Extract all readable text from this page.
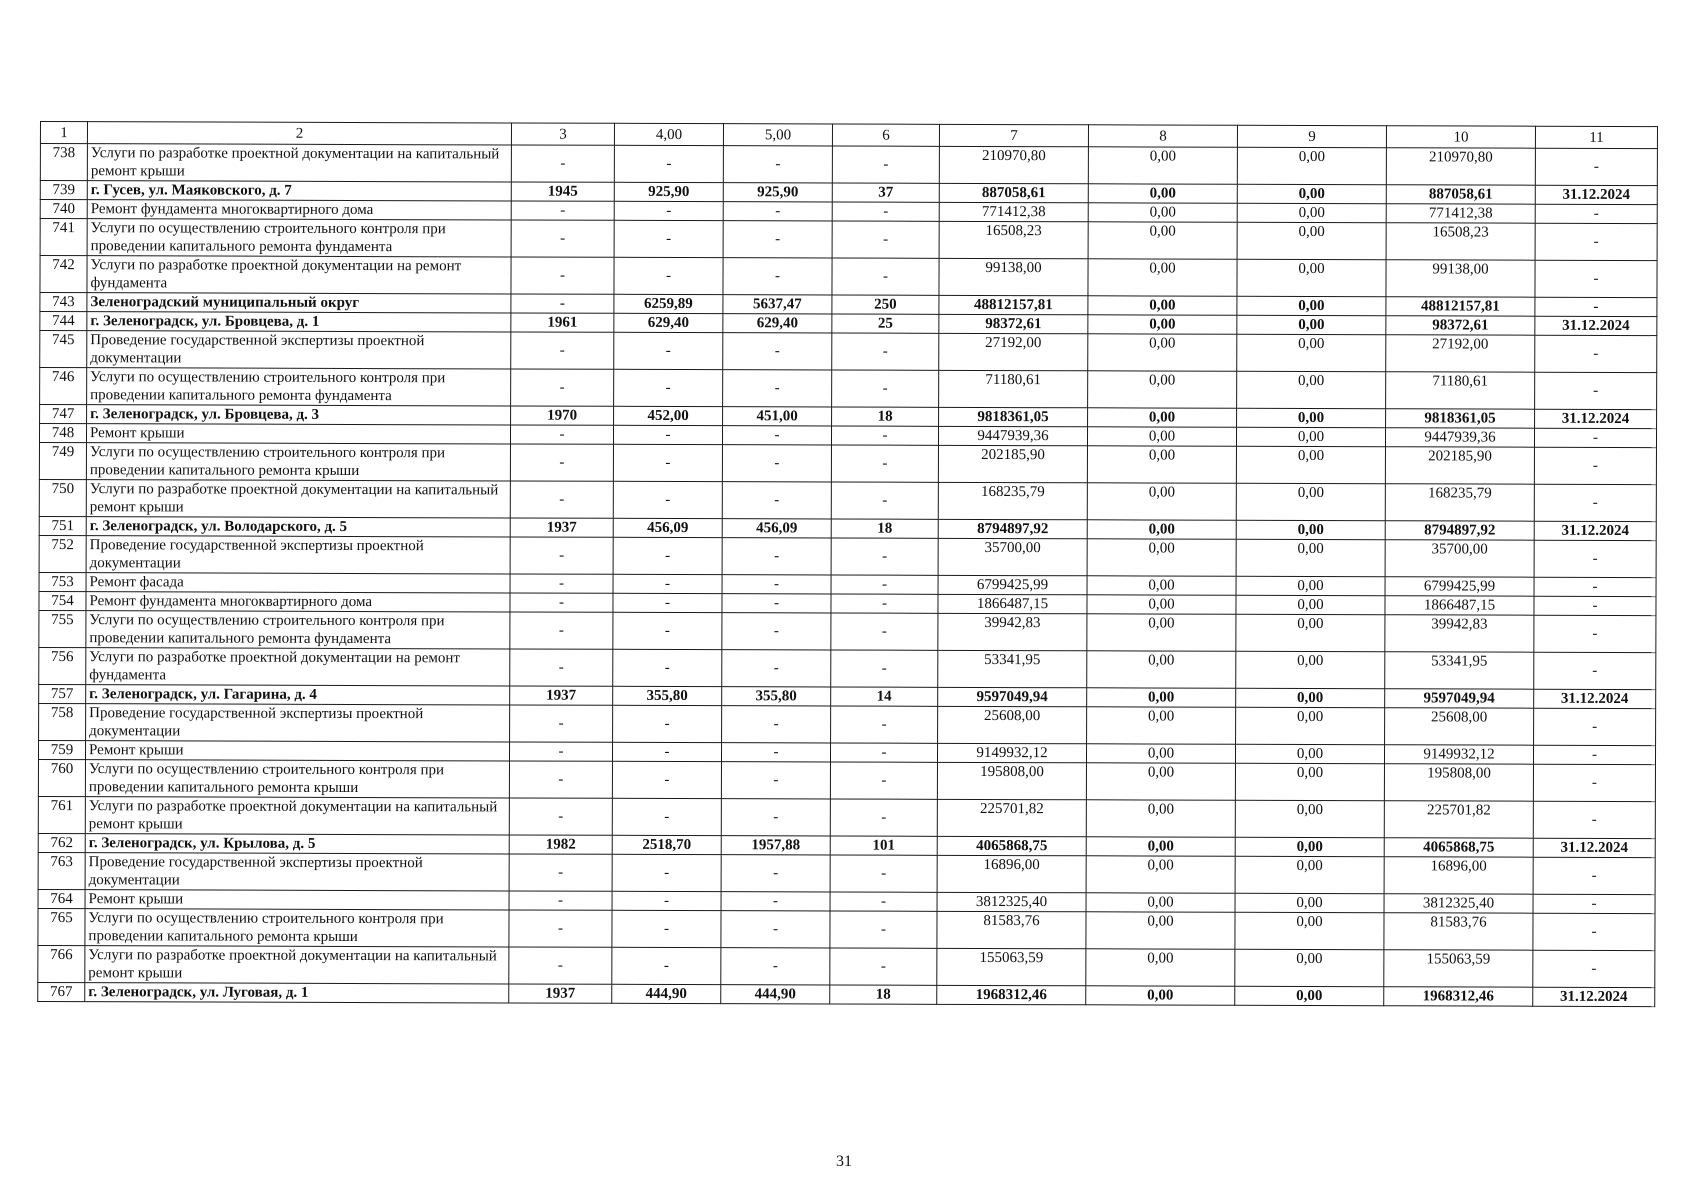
1	2	3	4,00	5,00	6	7	8	9	10	11
738	Услуги по разработке проектной документации на капитальный ремонт крыши	-	-	-	-	210970,80	0,00	0,00	210970,80	-
739	г. Гусев, ул. Маяковского, д. 7	1945	925,90	925,90	37	887058,61	0,00	0,00	887058,61	31.12.2024
740	Ремонт фундамента многоквартирного дома	-	-	-	-	771412,38	0,00	0,00	771412,38	-
741	Услуги по осуществлению строительного контроля при проведении капитального ремонта фундамента	-	-	-	-	16508,23	0,00	0,00	16508,23	-
742	Услуги по разработке проектной документации на ремонт фундамента	-	-	-	-	99138,00	0,00	0,00	99138,00	-
743	Зеленоградский муниципальный округ	-	6259,89	5637,47	250	48812157,81	0,00	0,00	48812157,81	-
744	г. Зеленоградск, ул. Бровцева, д. 1	1961	629,40	629,40	25	98372,61	0,00	0,00	98372,61	31.12.2024
745	Проведение государственной экспертизы проектной документации	-	-	-	-	27192,00	0,00	0,00	27192,00	-
746	Услуги по осуществлению строительного контроля при проведении капитального ремонта фундамента	-	-	-	-	71180,61	0,00	0,00	71180,61	-
747	г. Зеленоградск, ул. Бровцева, д. 3	1970	452,00	451,00	18	9818361,05	0,00	0,00	9818361,05	31.12.2024
748	Ремонт крыши	-	-	-	-	9447939,36	0,00	0,00	9447939,36	-
749	Услуги по осуществлению строительного контроля при проведении капитального ремонта крыши	-	-	-	-	202185,90	0,00	0,00	202185,90	-
750	Услуги по разработке проектной документации на капитальный ремонт крыши	-	-	-	-	168235,79	0,00	0,00	168235,79	-
751	г. Зеленоградск, ул. Володарского, д. 5	1937	456,09	456,09	18	8794897,92	0,00	0,00	8794897,92	31.12.2024
752	Проведение государственной экспертизы проектной документации	-	-	-	-	35700,00	0,00	0,00	35700,00	-
753	Ремонт фасада	-	-	-	-	6799425,99	0,00	0,00	6799425,99	-
754	Ремонт фундамента многоквартирного дома	-	-	-	-	1866487,15	0,00	0,00	1866487,15	-
755	Услуги по осуществлению строительного контроля при проведении капитального ремонта фундамента	-	-	-	-	39942,83	0,00	0,00	39942,83	-
756	Услуги по разработке проектной документации на ремонт фундамента	-	-	-	-	53341,95	0,00	0,00	53341,95	-
757	г. Зеленоградск, ул. Гагарина, д. 4	1937	355,80	355,80	14	9597049,94	0,00	0,00	9597049,94	31.12.2024
758	Проведение государственной экспертизы проектной документации	-	-	-	-	25608,00	0,00	0,00	25608,00	-
759	Ремонт крыши	-	-	-	-	9149932,12	0,00	0,00	9149932,12	-
760	Услуги по осуществлению строительного контроля при проведении капитального ремонта крыши	-	-	-	-	195808,00	0,00	0,00	195808,00	-
761	Услуги по разработке проектной документации на капитальный ремонт крыши	-	-	-	-	225701,82	0,00	0,00	225701,82	-
762	г. Зеленоградск, ул. Крылова, д. 5	1982	2518,70	1957,88	101	4065868,75	0,00	0,00	4065868,75	31.12.2024
763	Проведение государственной экспертизы проектной документации	-	-	-	-	16896,00	0,00	0,00	16896,00	-
764	Ремонт крыши	-	-	-	-	3812325,40	0,00	0,00	3812325,40	-
765	Услуги по осуществлению строительного контроля при проведении капитального ремонта крыши	-	-	-	-	81583,76	0,00	0,00	81583,76	-
766	Услуги по разработке проектной документации на капитальный ремонт крыши	-	-	-	-	155063,59	0,00	0,00	155063,59	-
767	г. Зеленоградск, ул. Луговая, д. 1	1937	444,90	444,90	18	1968312,46	0,00	0,00	1968312,46	31.12.2024
31
